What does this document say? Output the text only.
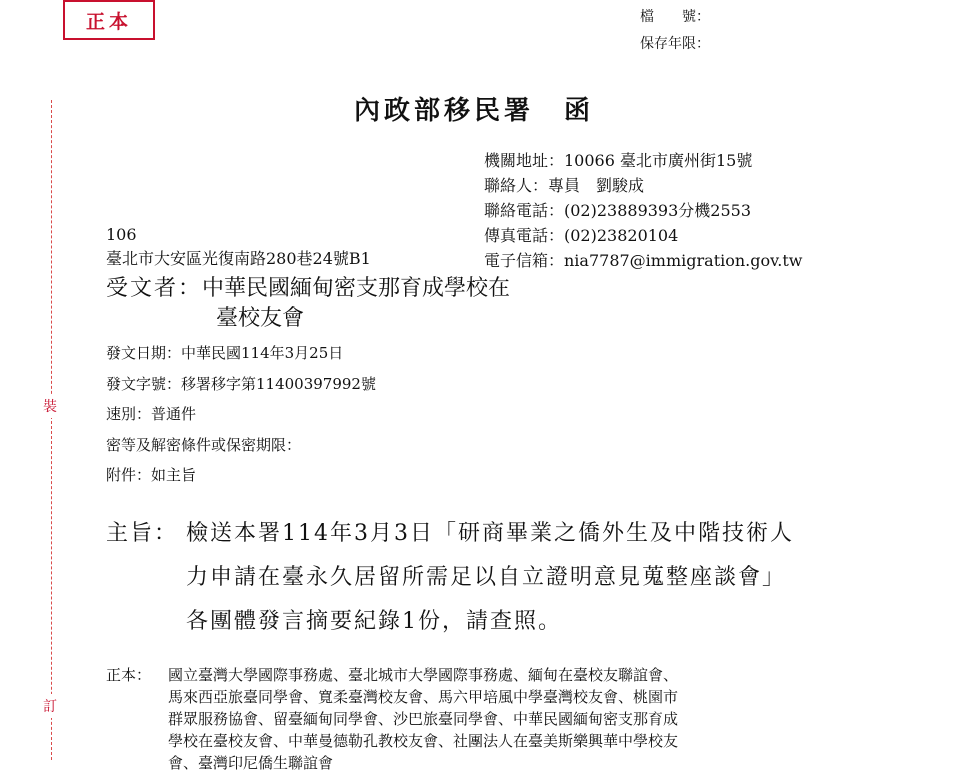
正本	檔　　號：
保存年限：
裝
訂
內政部移民署　函
機關地址：10066 臺北市廣州街15號
聯絡人：專員　劉駿成
聯絡電話：(02)23889393分機2553
傳真電話：(02)23820104
電子信箱：nia7787@immigration.gov.tw
106
臺北市大安區光復南路280巷24號B1
受文者：中華民國緬甸密支那育成學校在
臺校友會
發文日期：中華民國114年3月25日
發文字號：移署移字第11400397992號
速別：普通件
密等及解密條件或保密期限：
附件：如主旨
主旨： 檢送本署114年3月3日「研商畢業之僑外生及中階技術人
力申請在臺永久居留所需足以自立證明意見蒐整座談會」
各團體發言摘要紀錄1份，請查照。
正本： 國立臺灣大學國際事務處、臺北城市大學國際事務處、緬甸在臺校友聯誼會、
馬來西亞旅臺同學會、寬柔臺灣校友會、馬六甲培風中學臺灣校友會、桃園市
群眾服務協會、留臺緬甸同學會、沙巴旅臺同學會、中華民國緬甸密支那育成
學校在臺校友會、中華曼德勒孔教校友會、社團法人在臺美斯樂興華中學校友
會、臺灣印尼僑生聯誼會
